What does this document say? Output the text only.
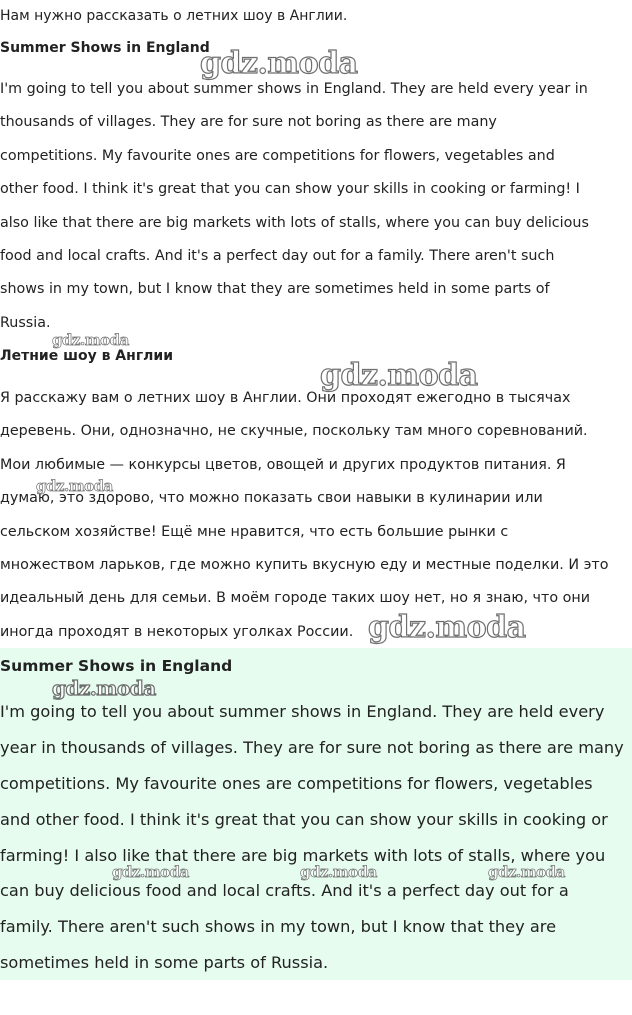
Нам нужно рассказать о летних шоу в Англии.
Summer Shows in England
I'm going to tell you about summer shows in England. They are held every year in
thousands of villages. They are for sure not boring as there are many
competitions. My favourite ones are competitions for flowers, vegetables and
other food. I think it's great that you can show your skills in cooking or farming! I
also like that there are big markets with lots of stalls, where you can buy delicious
food and local crafts. And it's a perfect day out for a family. There aren't such
shows in my town, but I know that they are sometimes held in some parts of
Russia.
Летние шоу в Англии
Я расскажу вам о летних шоу в Англии. Они проходят ежегодно в тысячах
деревень. Они, однозначно, не скучные, поскольку там много соревнований.
Мои любимые — конкурсы цветов, овощей и других продуктов питания. Я
думаю, это здорово, что можно показать свои навыки в кулинарии или
сельском хозяйстве! Ещё мне нравится, что есть большие рынки с
множеством ларьков, где можно купить вкусную еду и местные поделки. И это
идеальный день для семьи. В моём городе таких шоу нет, но я знаю, что они
иногда проходят в некоторых уголках России.
Summer Shows in England
I'm going to tell you about summer shows in England. They are held every
year in thousands of villages. They are for sure not boring as there are many
competitions. My favourite ones are competitions for flowers, vegetables
and other food. I think it's great that you can show your skills in cooking or
farming! I also like that there are big markets with lots of stalls, where you
can buy delicious food and local crafts. And it's a perfect day out for a
family. There aren't such shows in my town, but I know that they are
sometimes held in some parts of Russia.
gdz.moda
gdz.moda
gdz.moda
gdz.moda
gdz.moda
gdz.moda
gdz.moda	gdz.moda	gdz.moda
